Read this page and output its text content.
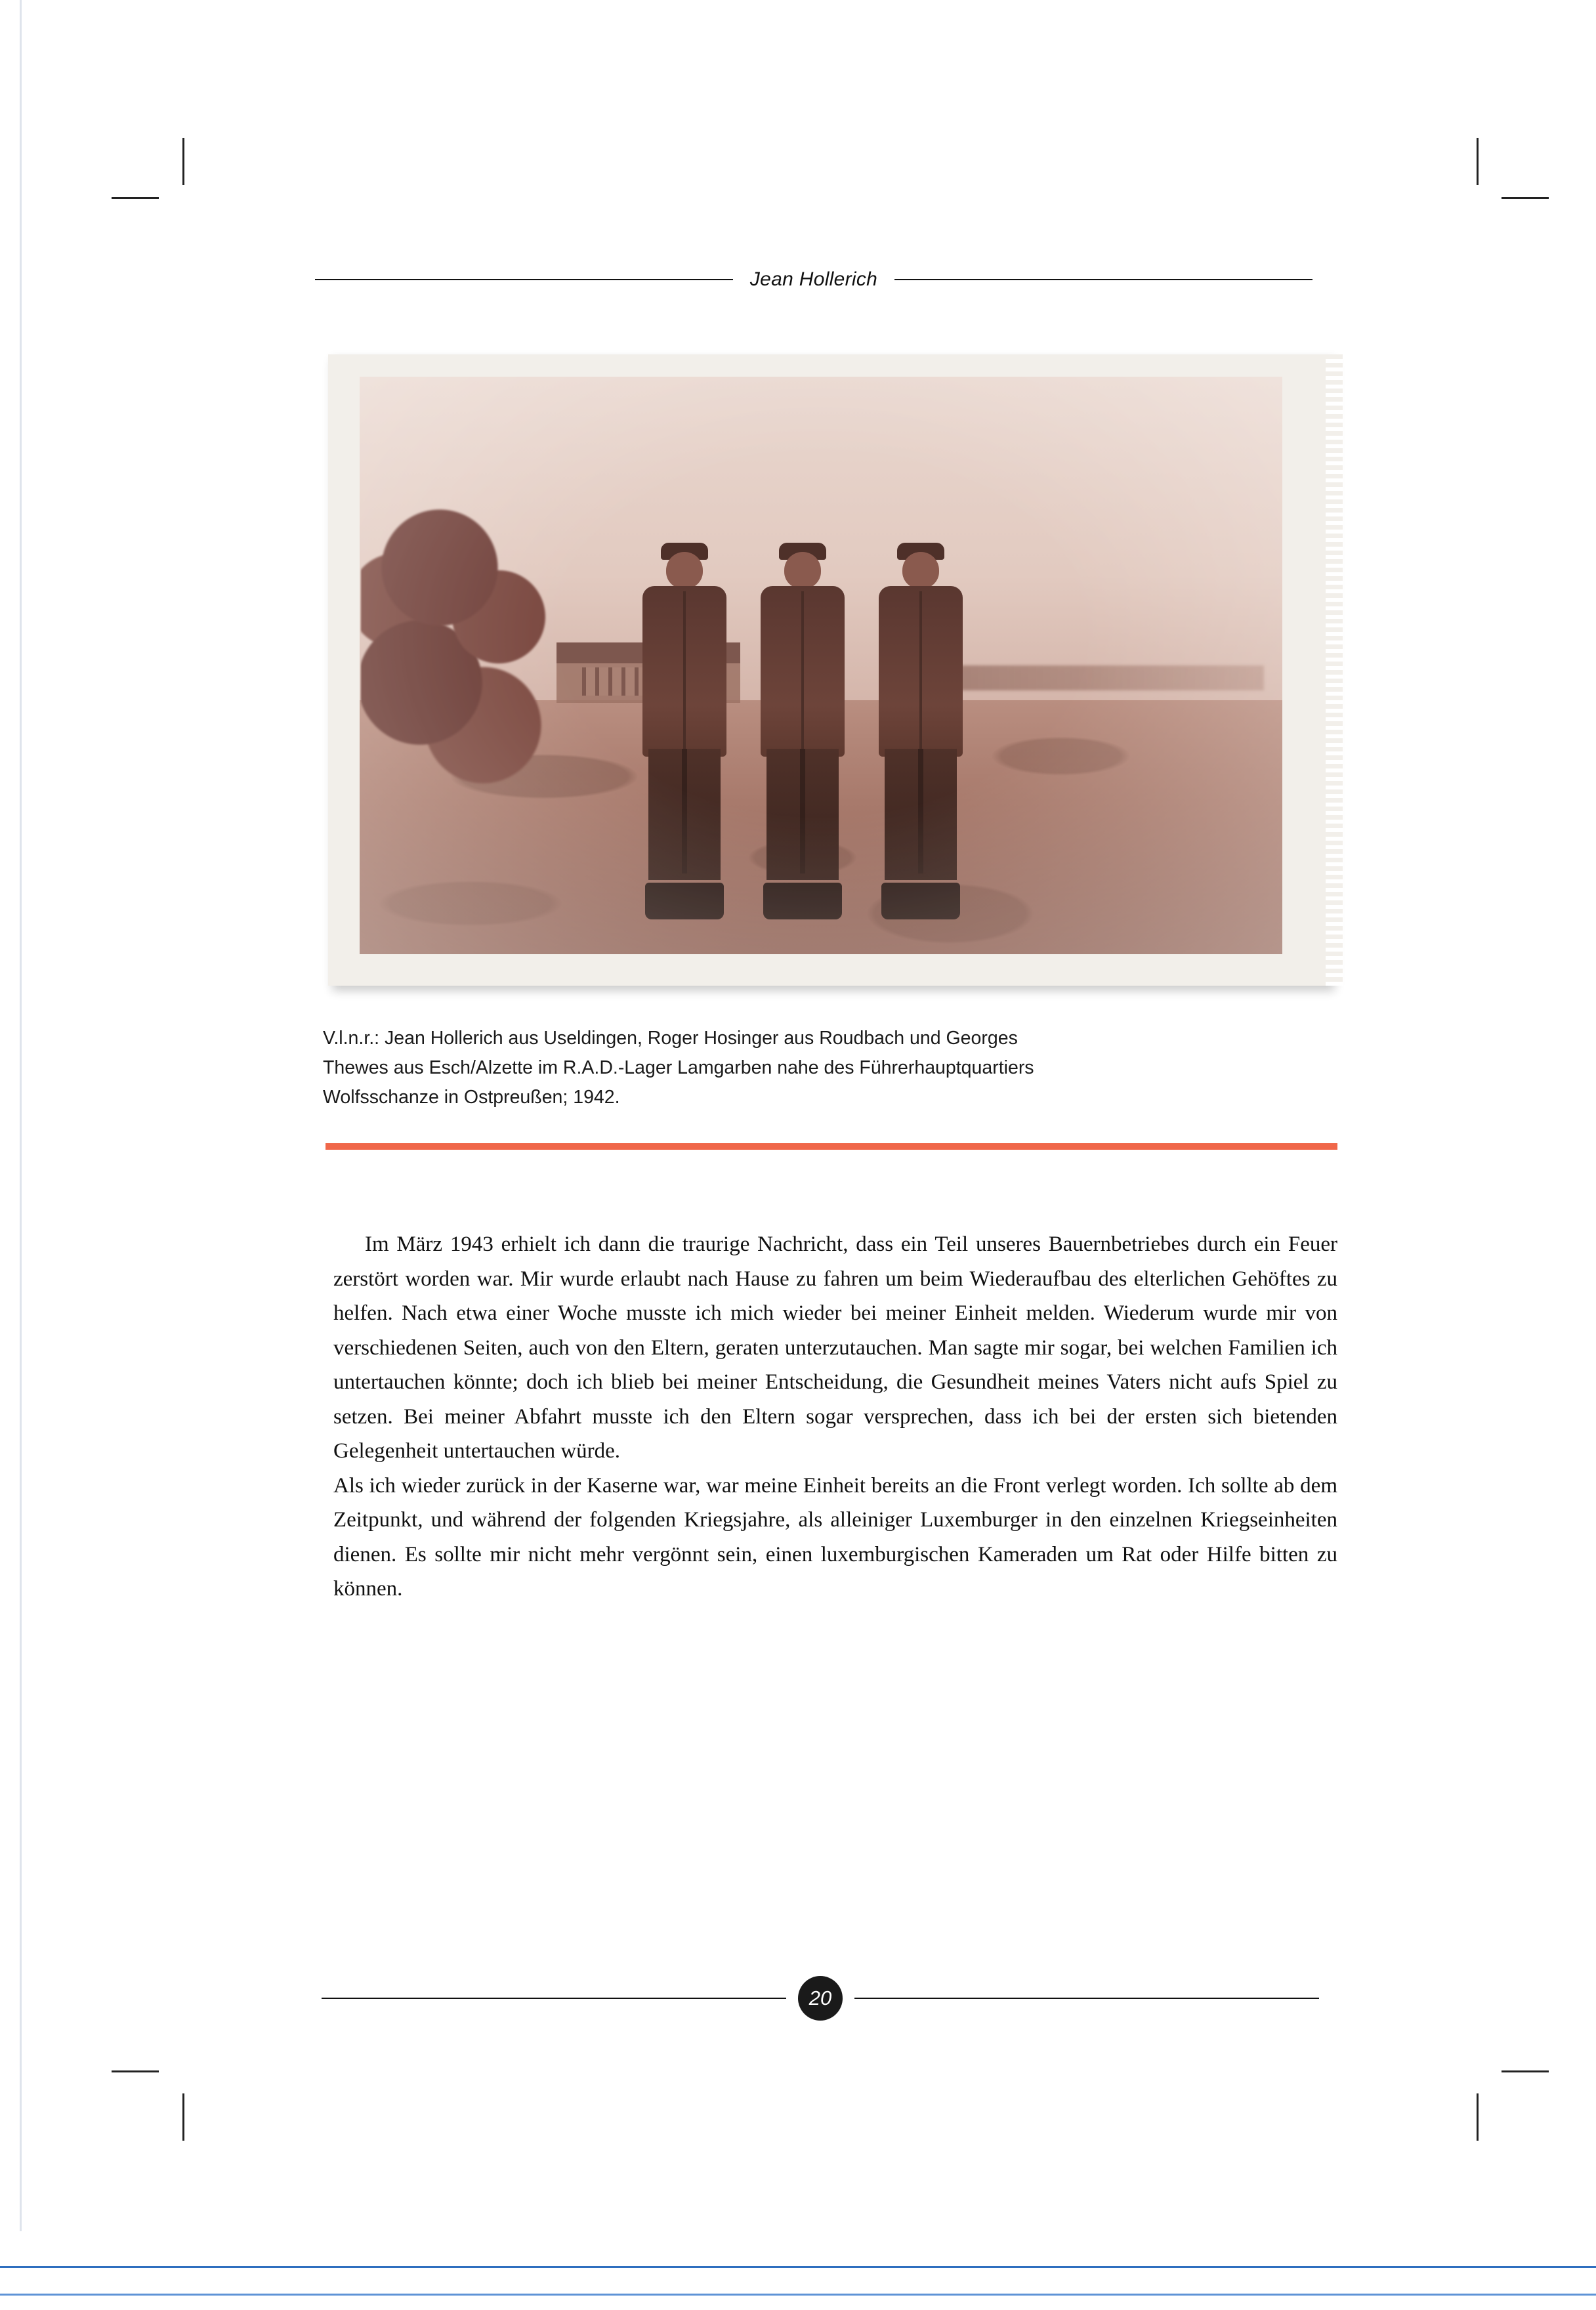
Jean Hollerich
V.l.n.r.: Jean Hollerich aus Useldingen, Roger Hosinger aus Roudbach und Georges
Thewes aus Esch/Alzette im R.A.D.-Lager Lamgarben nahe des Führerhauptquartiers
Wolfsschanze in Ostpreußen; 1942.

Im März 1943 erhielt ich dann die traurige Nachricht, dass ein Teil unseres Bauernbetriebes durch ein Feuer zerstört worden war. Mir wurde erlaubt nach Hause zu fahren um beim Wiederaufbau des elterlichen Gehöftes zu helfen. Nach etwa einer Woche musste ich mich wieder bei meiner Einheit melden. Wiederum wurde mir von verschiedenen Seiten, auch von den Eltern, geraten unterzutauchen. Man sagte mir sogar, bei welchen Familien ich untertauchen könnte; doch ich blieb bei meiner Entscheidung, die Gesundheit meines Vaters nicht aufs Spiel zu setzen. Bei meiner Abfahrt musste ich den Eltern sogar versprechen, dass ich bei der ersten sich bietenden Gelegenheit untertauchen würde.

Als ich wieder zurück in der Kaserne war, war meine Einheit bereits an die Front verlegt worden. Ich sollte ab dem Zeitpunkt, und während der folgenden Kriegsjahre, als alleiniger Luxemburger in den einzelnen Kriegseinheiten dienen. Es sollte mir nicht mehr vergönnt sein, einen luxemburgischen Kameraden um Rat oder Hilfe bitten zu können.

20
